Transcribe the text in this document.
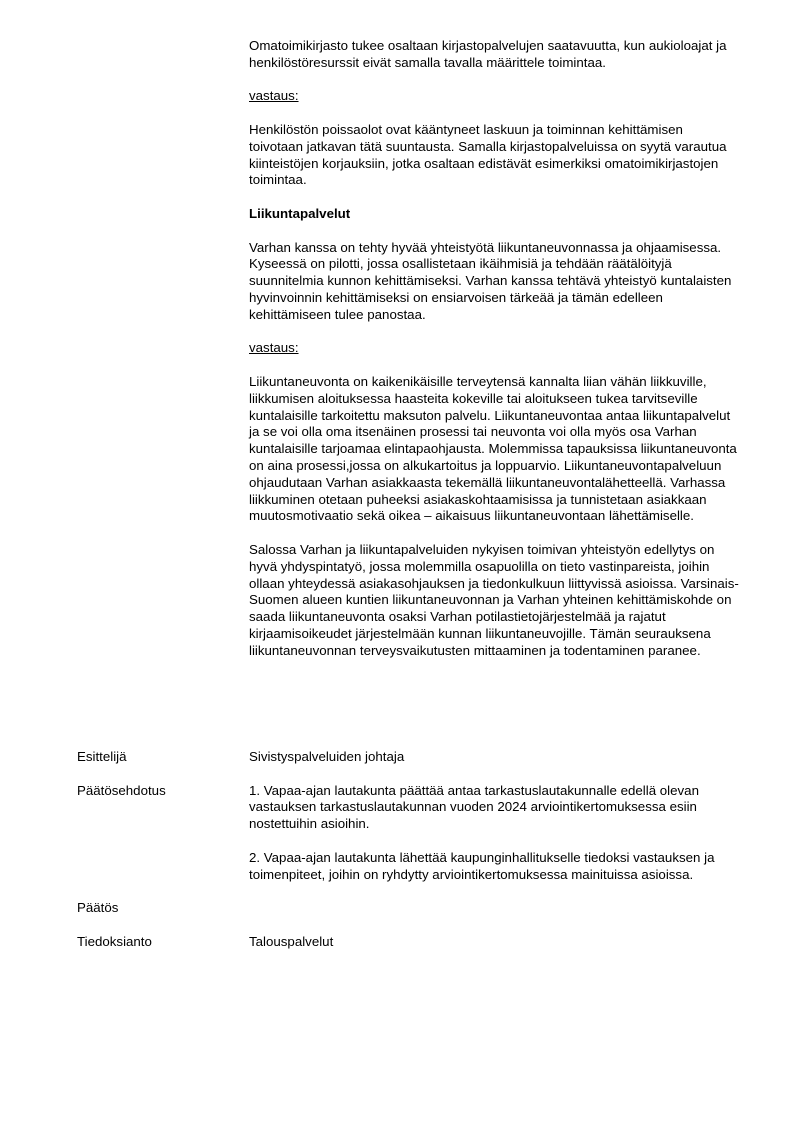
Omatoimikirjasto tukee osaltaan kirjastopalvelujen saatavuutta, kun aukioloajat ja henkilöstöresurssit eivät samalla tavalla määrittele toimintaa.

vastaus:

Henkilöstön poissaolot ovat kääntyneet laskuun ja toiminnan kehittämisen toivotaan jatkavan tätä suuntausta. Samalla kirjastopalveluissa on syytä varautua kiinteistöjen korjauksiin, jotka osaltaan edistävät esimerkiksi omatoimikirjastojen toimintaa.

Liikuntapalvelut

Varhan kanssa on tehty hyvää yhteistyötä liikuntaneuvonnassa ja ohjaamisessa. Kyseessä on pilotti, jossa osallistetaan ikäihmisiä ja tehdään räätälöityjä suunnitelmia kunnon kehittämiseksi. Varhan kanssa tehtävä yhteistyö kuntalaisten hyvinvoinnin kehittämiseksi on ensiarvoisen tärkeää ja tämän edelleen kehittämiseen tulee panostaa.

vastaus:

Liikuntaneuvonta on kaikenikäisille terveytensä kannalta liian vähän liikkuville, liikkumisen aloituksessa haasteita kokeville tai aloitukseen tukea tarvitseville kuntalaisille tarkoitettu maksuton palvelu. Liikuntaneuvontaa antaa liikuntapalvelut ja se voi olla oma itsenäinen prosessi tai neuvonta voi olla myös osa Varhan kuntalaisille tarjoamaa elintapaohjausta. Molemmissa tapauksissa liikuntaneuvonta on aina prosessi,jossa on alkukartoitus ja loppuarvio. Liikuntaneuvontapalveluun ohjaudutaan Varhan asiakkaasta tekemällä liikuntaneuvontalähetteellä. Varhassa liikkuminen otetaan puheeksi asiakaskohtaamisissa ja tunnistetaan asiakkaan muutosmotivaatio sekä oikea – aikaisuus liikuntaneuvontaan lähettämiselle.

Salossa Varhan ja liikuntapalveluiden nykyisen toimivan yhteistyön edellytys on hyvä yhdyspintatyö, jossa molemmilla osapuolilla on tieto vastinpareista, joihin ollaan yhteydessä asiakasohjauksen ja tiedonkulkuun liittyvissä asioissa. Varsinais- Suomen alueen kuntien liikuntaneuvonnan ja Varhan yhteinen kehittämiskohde on saada liikuntaneuvonta osaksi Varhan potilastietojärjestelmää ja rajatut kirjaamisoikeudet järjestelmään kunnan liikuntaneuvojille. Tämän seurauksena liikuntaneuvonnan terveysvaikutusten mittaaminen ja todentaminen paranee.

Esittelijä	Sivistyspalveluiden johtaja
Päätösehdotus	1. Vapaa-ajan lautakunta päättää antaa tarkastuslautakunnalle edellä olevan vastauksen tarkastuslautakunnan vuoden 2024 arviointikertomuksessa esiin nostettuihin asioihin.

2. Vapaa-ajan lautakunta lähettää kaupunginhallitukselle tiedoksi vastauksen ja toimenpiteet, joihin on ryhdytty arviointikertomuksessa mainituissa asioissa.

Päätös
Tiedoksianto	Talouspalvelut
